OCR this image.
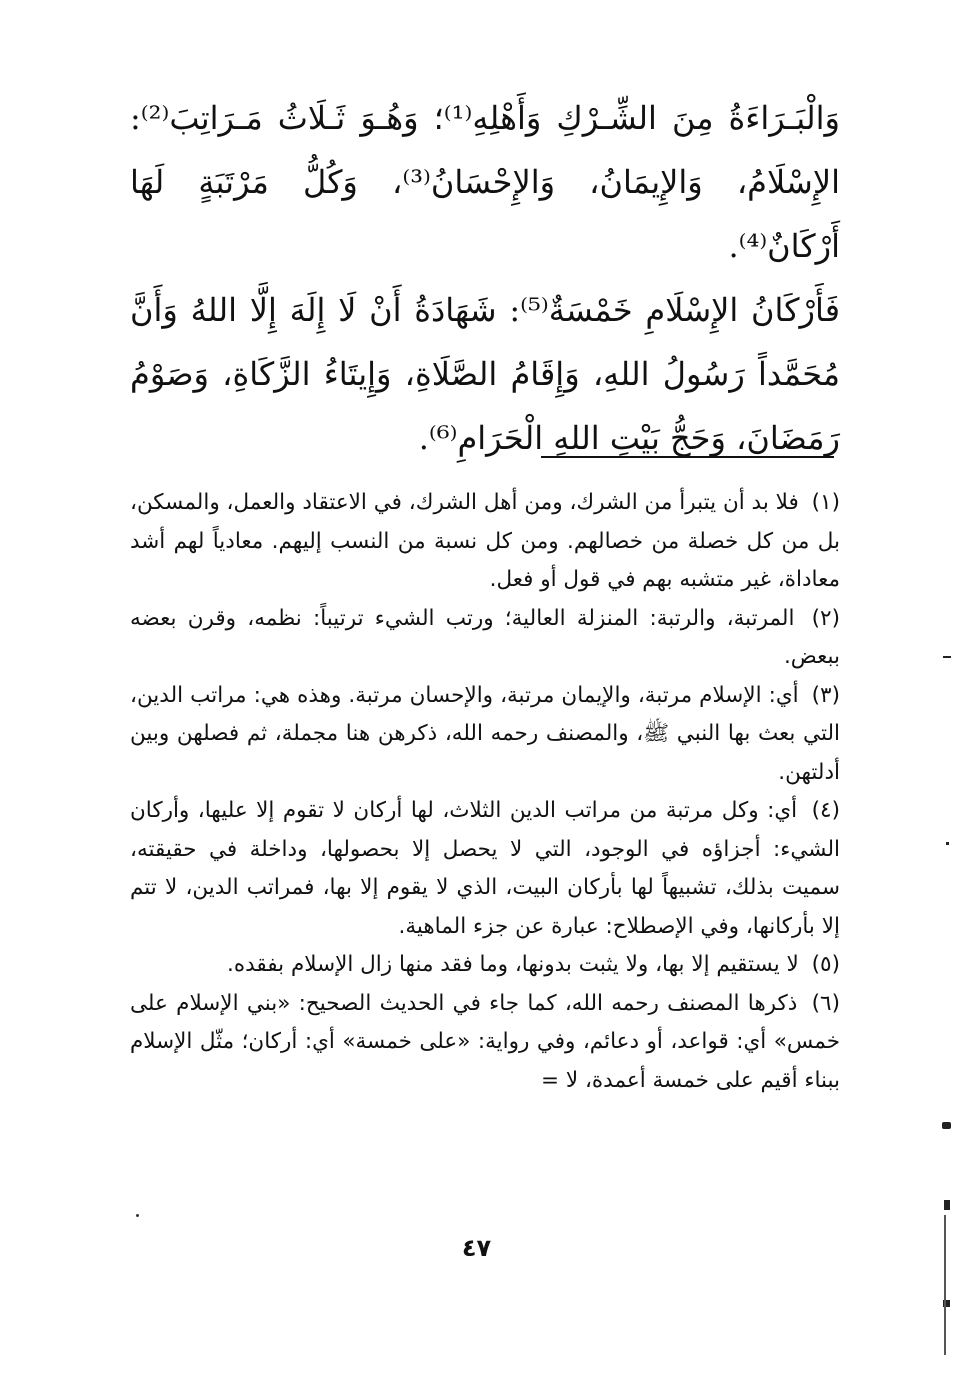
وَالْبَـرَاءَةُ مِنَ الشِّـرْكِ وَأَهْلِهِ⁽¹⁾؛ وَهُـوَ ثَـلَاثُ مَـرَاتِبَ⁽²⁾: الإِسْلَامُ، وَالإِيمَانُ، وَالإِحْسَانُ⁽³⁾، وَكُلُّ مَرْتَبَةٍ لَهَا أَرْكَانٌ⁽⁴⁾.

فَأَرْكَانُ الإِسْلَامِ خَمْسَةٌ⁽⁵⁾: شَهَادَةُ أَنْ لَا إِلَهَ إِلَّا اللهُ وَأَنَّ مُحَمَّداً رَسُولُ اللهِ، وَإِقَامُ الصَّلَاةِ، وَإِيتَاءُ الزَّكَاةِ، وَصَوْمُ رَمَضَانَ، وَحَجُّ بَيْتِ اللهِ الْحَرَامِ⁽⁶⁾.

(١) فلا بد أن يتبرأ من الشرك، ومن أهل الشرك، في الاعتقاد والعمل، والمسكن، بل من كل خصلة من خصالهم. ومن كل نسبة من النسب إليهم. معادياً لهم أشد معاداة، غير متشبه بهم في قول أو فعل.

(٢) المرتبة، والرتبة: المنزلة العالية؛ ورتب الشيء ترتيباً: نظمه، وقرن بعضه ببعض.

(٣) أي: الإسلام مرتبة، والإيمان مرتبة، والإحسان مرتبة. وهذه هي: مراتب الدين، التي بعث بها النبي ﷺ، والمصنف رحمه الله، ذكرهن هنا مجملة، ثم فصلهن وبين أدلتهن.

(٤) أي: وكل مرتبة من مراتب الدين الثلاث، لها أركان لا تقوم إلا عليها، وأركان الشيء: أجزاؤه في الوجود، التي لا يحصل إلا بحصولها، وداخلة في حقيقته، سميت بذلك، تشبيهاً لها بأركان البيت، الذي لا يقوم إلا بها، فمراتب الدين، لا تتم إلا بأركانها، وفي الإصطلاح: عبارة عن جزء الماهية.

(٥) لا يستقيم إلا بها، ولا يثبت بدونها، وما فقد منها زال الإسلام بفقده.

(٦) ذكرها المصنف رحمه الله، كما جاء في الحديث الصحيح: «بني الإسلام على خمس» أي: قواعد، أو دعائم، وفي رواية: «على خمسة» أي: أركان؛ مثّل الإسلام ببناء أقيم على خمسة أعمدة، لا =

٤٧
